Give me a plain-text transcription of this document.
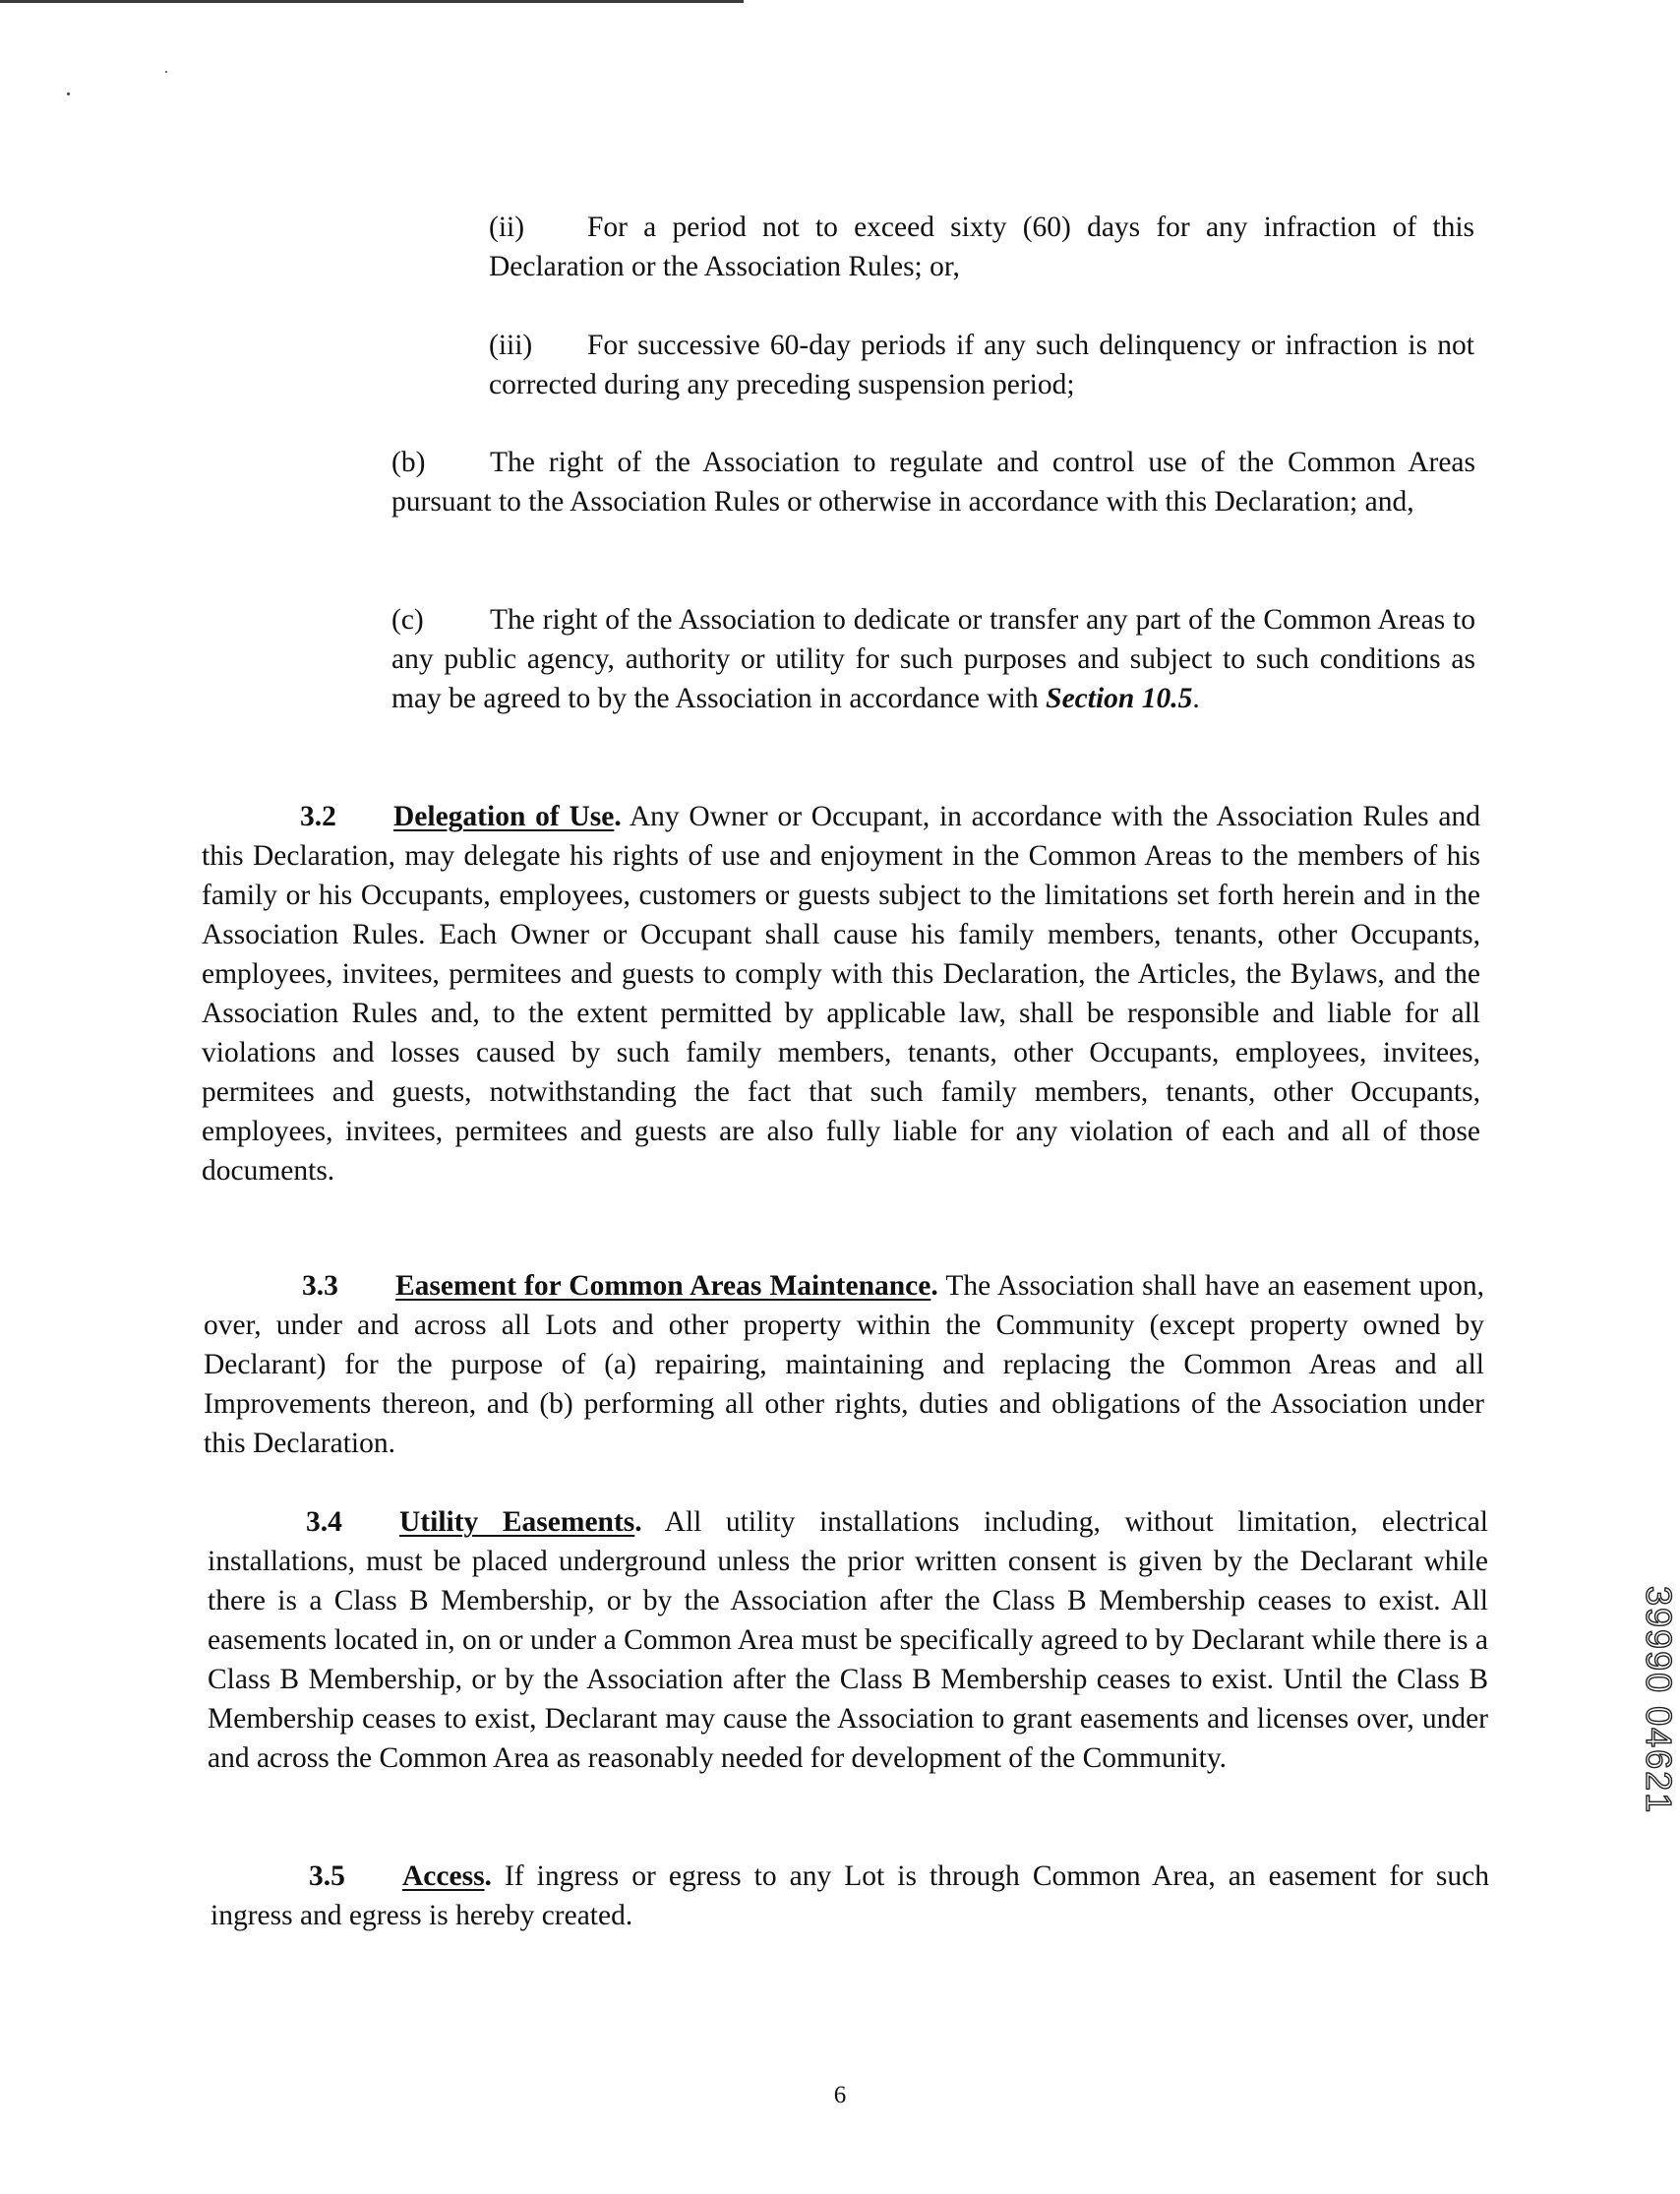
(ii) For a period not to exceed sixty (60) days for any infraction of this Declaration or the Association Rules; or,

(iii) For successive 60-day periods if any such delinquency or infraction is not corrected during any preceding suspension period;

(b) The right of the Association to regulate and control use of the Common Areas pursuant to the Association Rules or otherwise in accordance with this Declaration; and,

(c) The right of the Association to dedicate or transfer any part of the Common Areas to any public agency, authority or utility for such purposes and subject to such conditions as may be agreed to by the Association in accordance with Section 10.5.

3.2 Delegation of Use. Any Owner or Occupant, in accordance with the Association Rules and this Declaration, may delegate his rights of use and enjoyment in the Common Areas to the members of his family or his Occupants, employees, customers or guests subject to the limitations set forth herein and in the Association Rules. Each Owner or Occupant shall cause his family members, tenants, other Occupants, employees, invitees, permitees and guests to comply with this Declaration, the Articles, the Bylaws, and the Association Rules and, to the extent permitted by applicable law, shall be responsible and liable for all violations and losses caused by such family members, tenants, other Occupants, employees, invitees, permitees and guests, notwithstanding the fact that such family members, tenants, other Occupants, employees, invitees, permitees and guests are also fully liable for any violation of each and all of those documents.

3.3 Easement for Common Areas Maintenance. The Association shall have an easement upon, over, under and across all Lots and other property within the Community (except property owned by Declarant) for the purpose of (a) repairing, maintaining and replacing the Common Areas and all Improvements thereon, and (b) performing all other rights, duties and obligations of the Association under this Declaration.

3.4 Utility Easements. All utility installations including, without limitation, electrical installations, must be placed underground unless the prior written consent is given by the Declarant while there is a Class B Membership, or by the Association after the Class B Membership ceases to exist. All easements located in, on or under a Common Area must be specifically agreed to by Declarant while there is a Class B Membership, or by the Association after the Class B Membership ceases to exist. Until the Class B Membership ceases to exist, Declarant may cause the Association to grant easements and licenses over, under and across the Common Area as reasonably needed for development of the Community.

3.5 Access. If ingress or egress to any Lot is through Common Area, an easement for such ingress and egress is hereby created.

6
39990 04621
